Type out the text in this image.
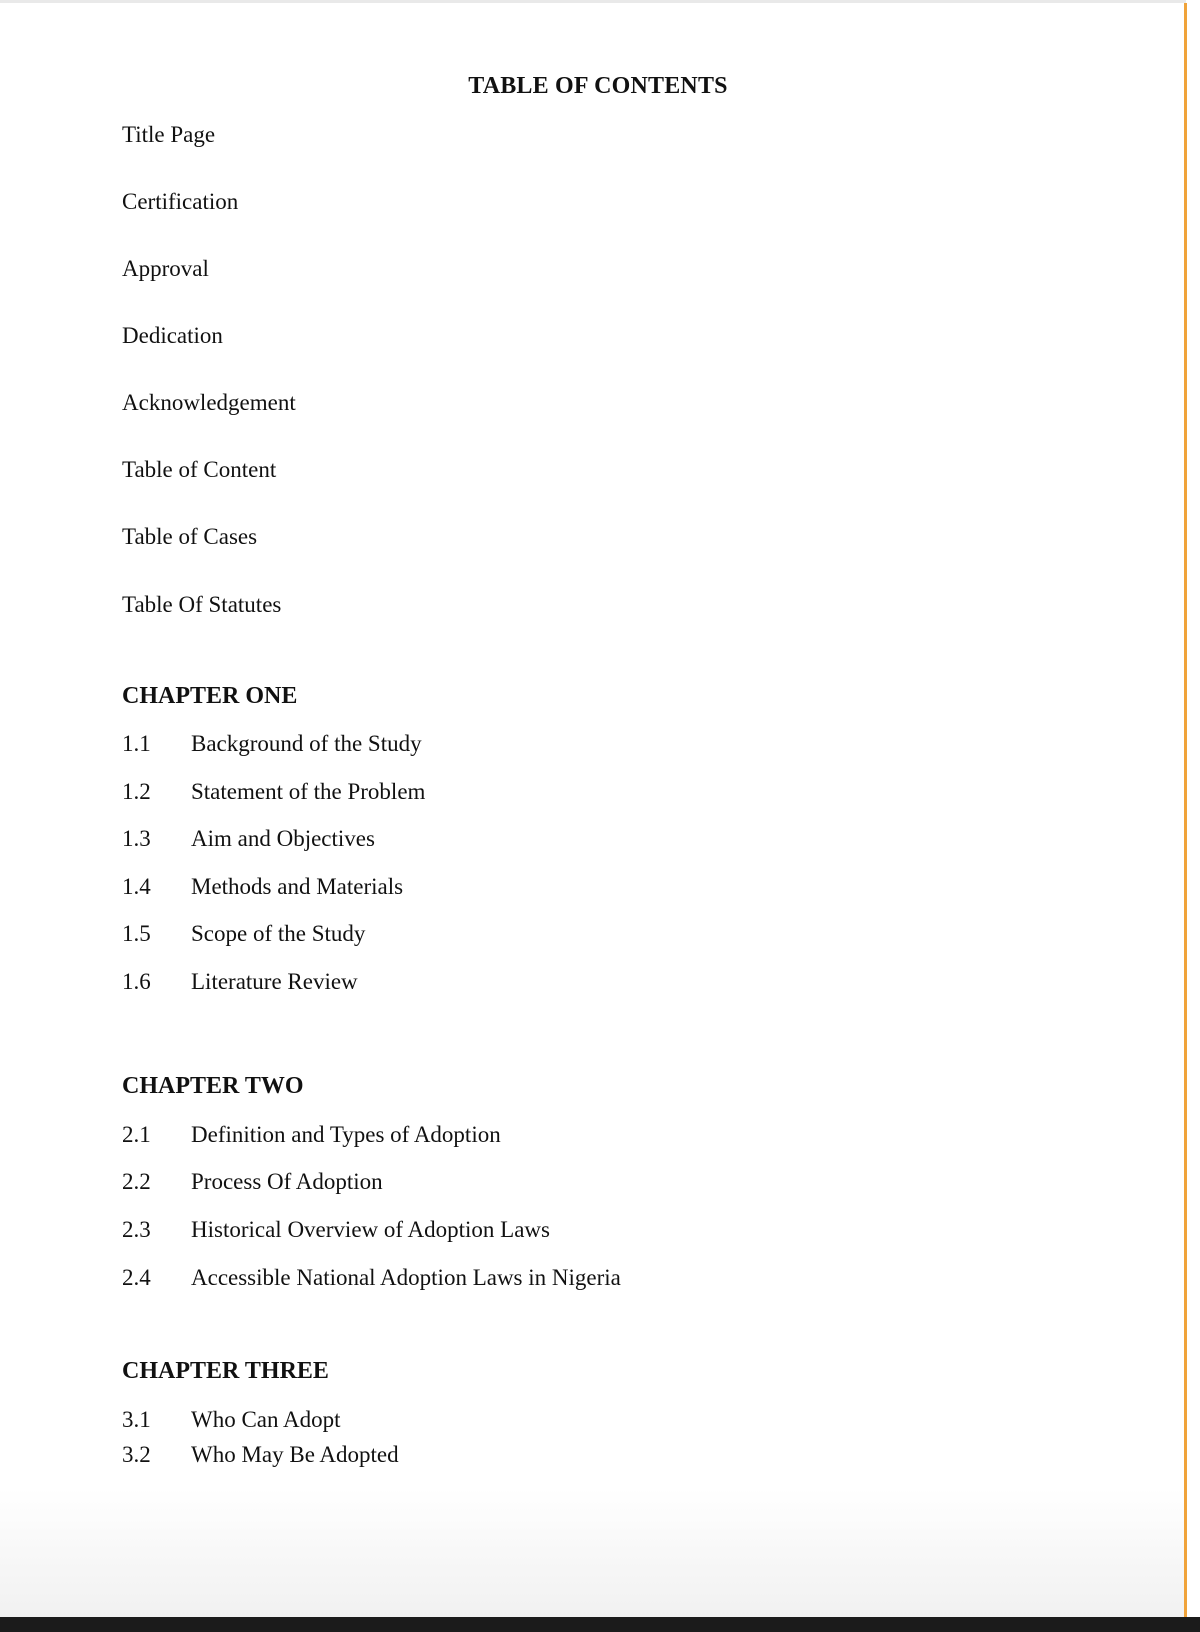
TABLE OF CONTENTS
Title Page
Certification
Approval
Dedication
Acknowledgement
Table of Content
Table of Cases
Table Of Statutes
CHAPTER ONE
1.1 Background of the Study
1.2 Statement of the Problem
1.3 Aim and Objectives
1.4 Methods and Materials
1.5 Scope of the Study
1.6 Literature Review
CHAPTER TWO
2.1 Definition and Types of Adoption
2.2 Process Of Adoption
2.3 Historical Overview of Adoption Laws
2.4 Accessible National Adoption Laws in Nigeria
CHAPTER THREE
3.1 Who Can Adopt
3.2 Who May Be Adopted
